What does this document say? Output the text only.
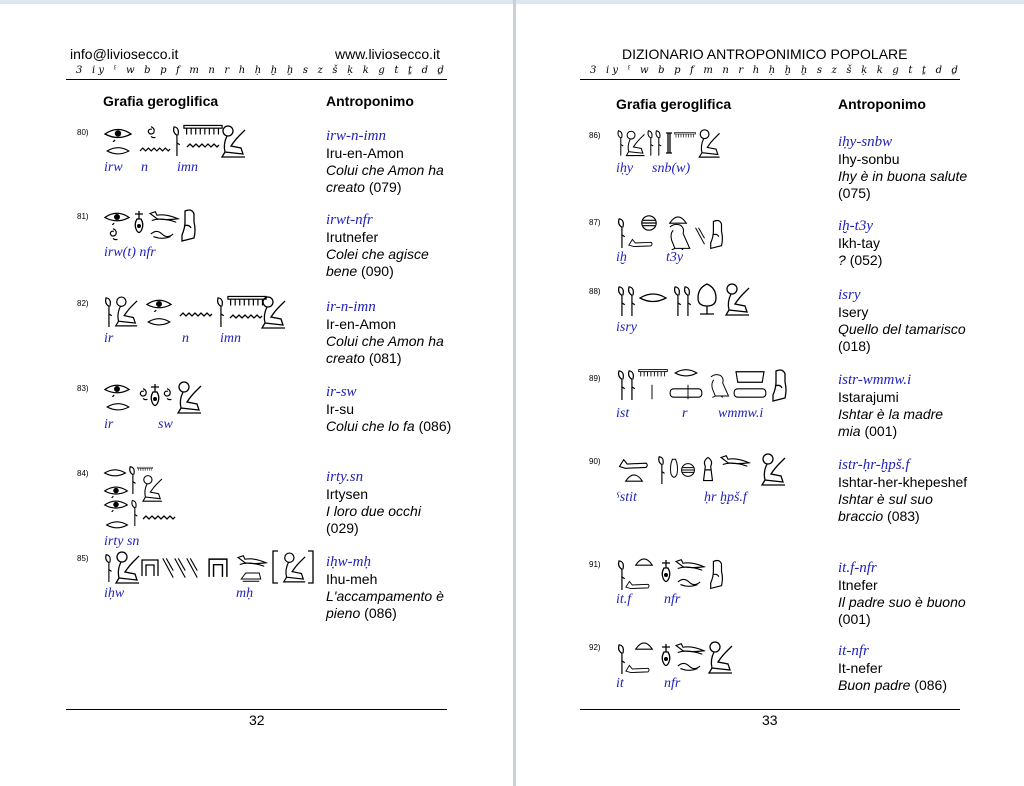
info@liviosecco.it	www.liviosecco.it
3 iy ˁ w b p f m n r h ḥ ḫ ẖ s z š ḳ k g t ṯ d ḏ
Grafia geroglifica	Antroponimo
80)
irw n imn
irw-n-imn
Iru-en-Amon
Colui che Amon ha creato (079)
81)
irw(t) nfr
irwt-nfr
Irutnefer
Colei che agisce bene (090)
82)
ir	n imn
ir-n-imn
Ir-en-Amon
Colui che Amon ha creato (081)
83)
ir	sw
ir-sw
Ir-su
Colui che lo fa (086)
84)
irty sn
irty.sn
Irtysen
I loro due occhi (029)
85)
iḥw	mḥ
iḥw-mḥ
Ihu-meh
L'accampamento è pieno (086)
32
DIZIONARIO ANTROPONIMICO POPOLARE
3 iy ˁ w b p f m n r h ḥ ḫ ẖ s z š ḳ k g t ṯ d ḏ
Grafia geroglifica	Antroponimo
86)
iḥy snb(w)
iḥy-snbw
Ihy-sonbu
Ihy è in buona salute (075)
87)
iḫ	t3y
iḫ-t3y
Ikh-tay
? (052)
88)
isry
isry
Isery
Quello del tamarisco (018)
89)
ist	r wmmw.i
istr-wmmw.i
Istarajumi
Ishtar è la madre mia (001)
90)
ˁstit	ḥr ḫpš.f
istr-ḥr-ḫpš.f
Ishtar-her-khepeshef
Ishtar è sul suo braccio (083)
91)
it.f nfr
it.f-nfr
Itnefer
Il padre suo è buono (001)
92)
it	nfr
it-nfr
It-nefer
Buon padre (086)
33
